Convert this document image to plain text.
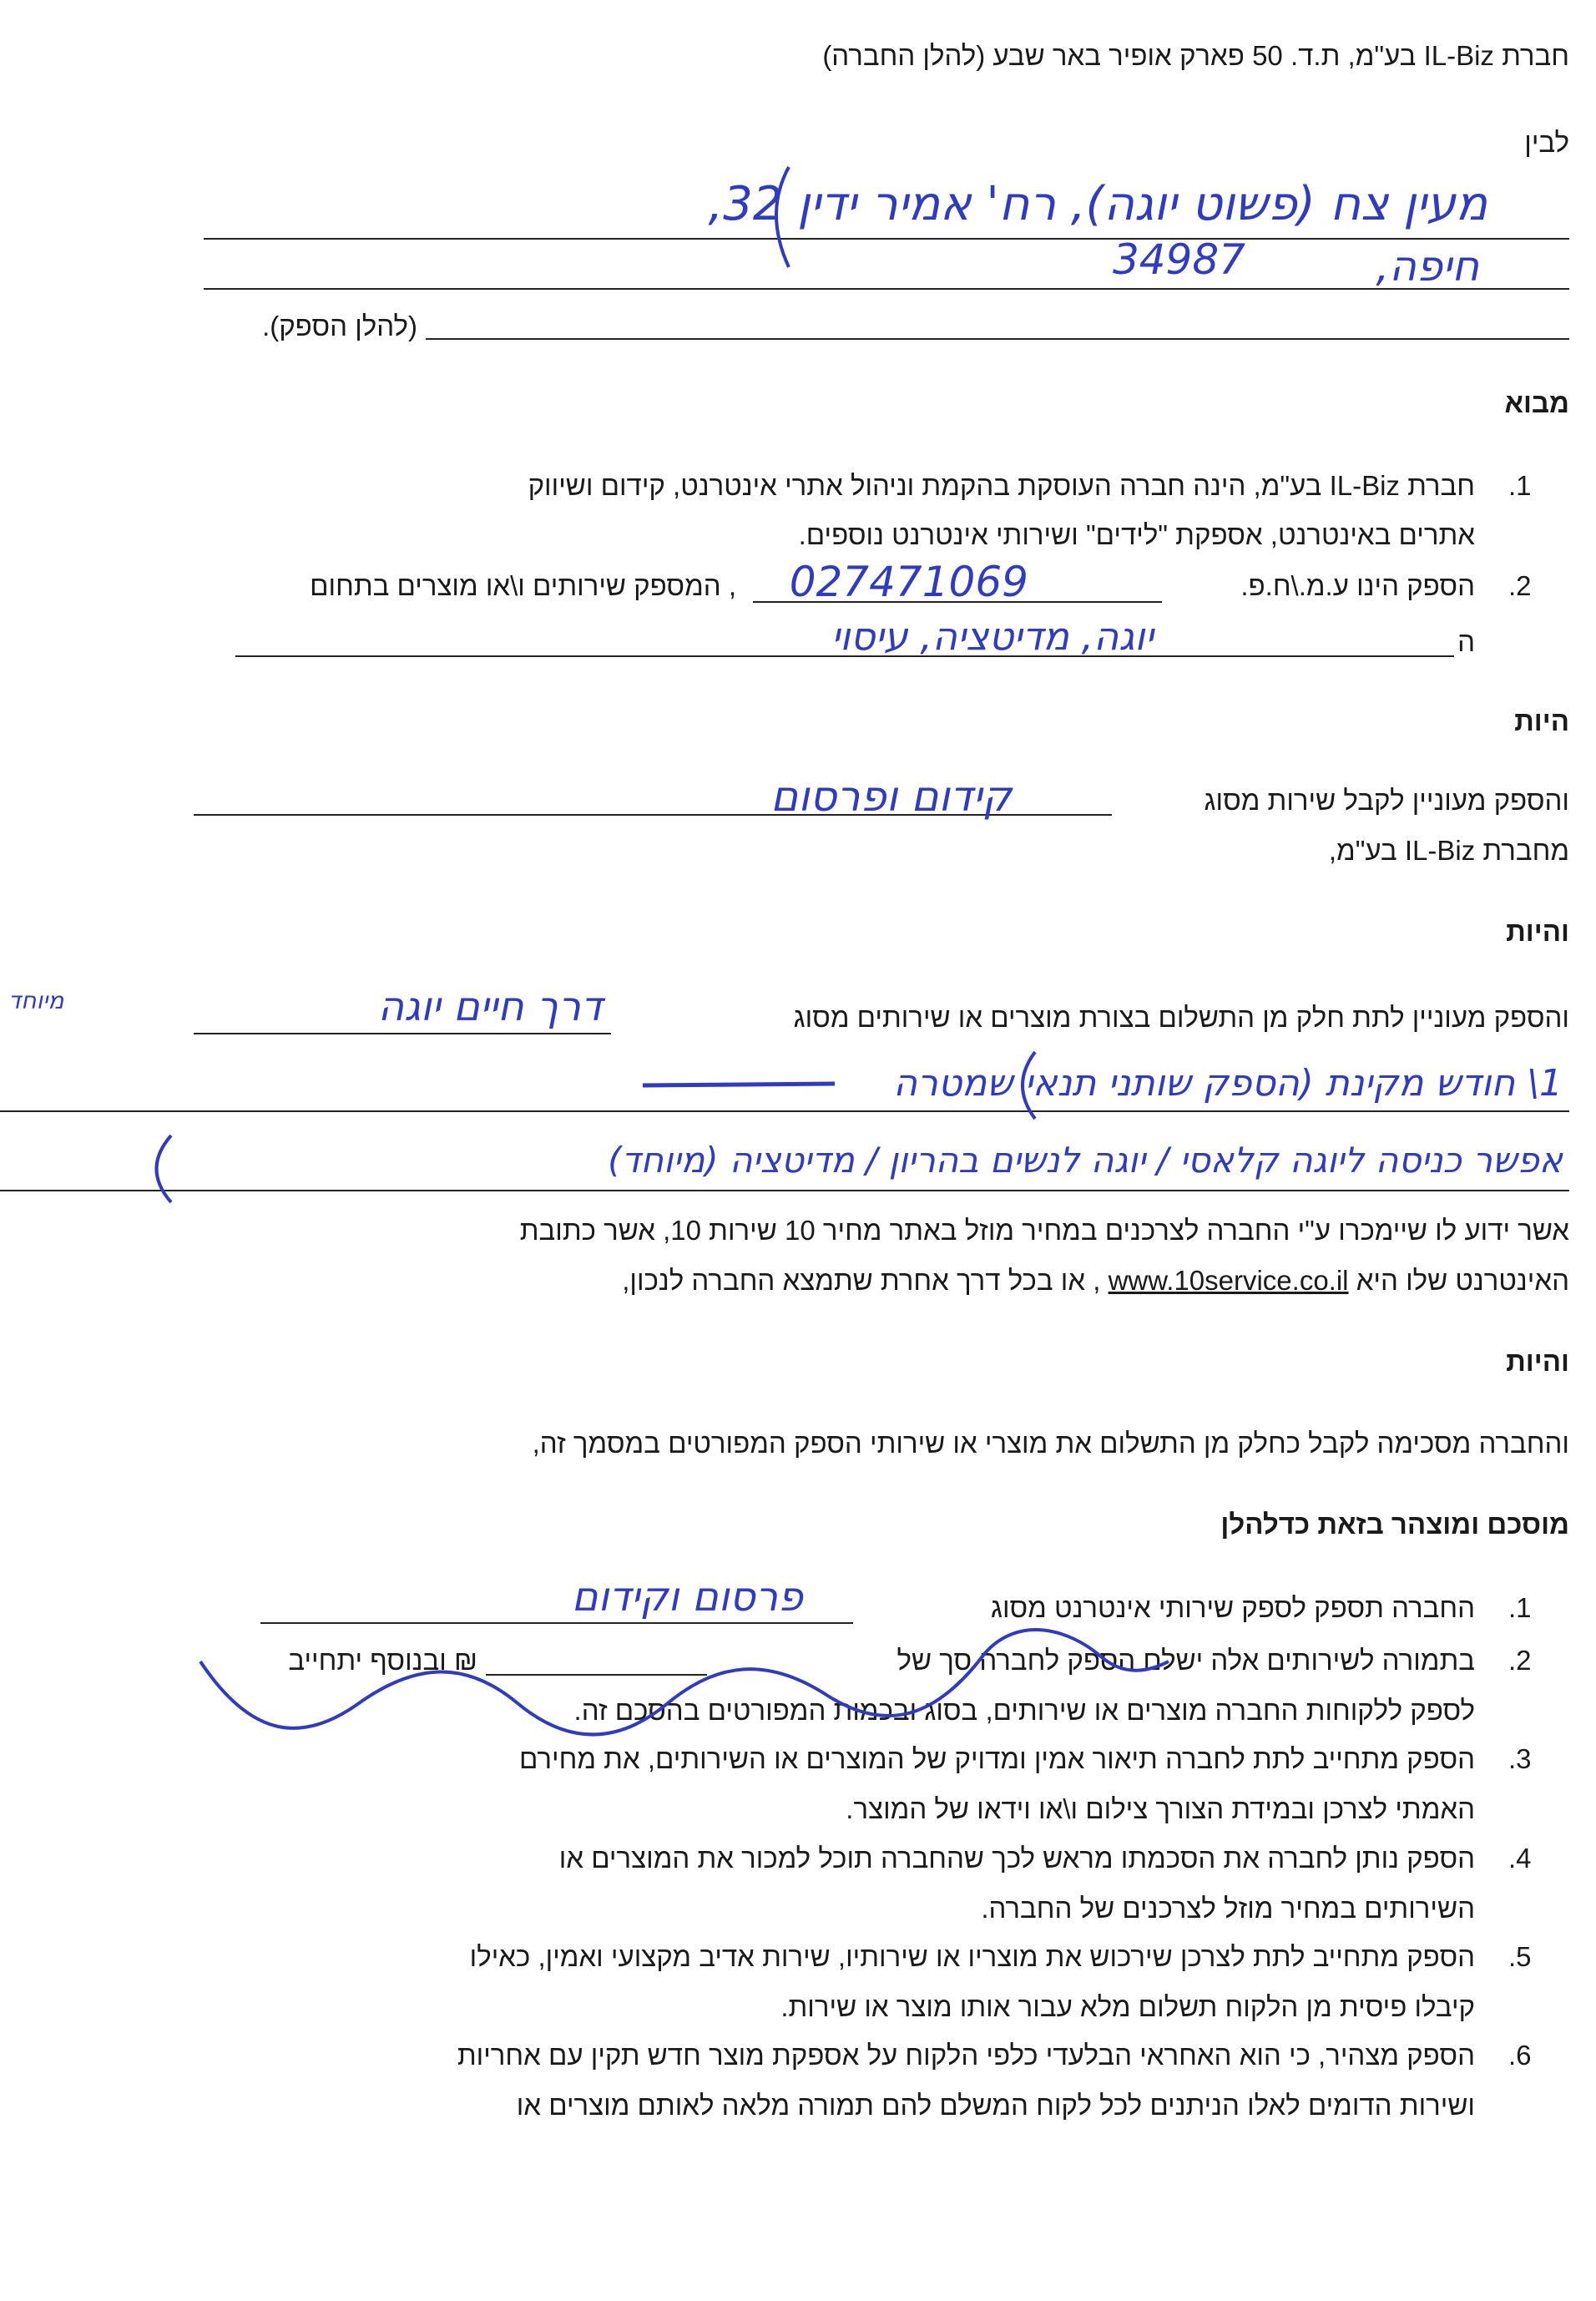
חברת IL-Biz בע"מ, ת.ד. 50 פארק אופיר באר שבע (להלן החברה)

לבין

(להלן הספק).

מעין צח (פשוט יוגה), רח' אמיר ידין 32,
חיפה,
34987

מבוא

1.

חברת IL-Biz בע"מ, הינה חברה העוסקת בהקמת וניהול אתרי אינטרנט, קידום ושיווק

אתרים באינטרנט, אספקת "לידים" ושירותי אינטרנט נוספים.

2.

הספק הינו ע.מ.\ח.פ.

027471069

, המספק שירותים ו\או מוצרים בתחום

ה

יוגה, מדיטציה, עיסוי

היות

והספק מעוניין לקבל שירות מסוג

קידום ופרסום

מחברת IL-Biz בע"מ,

והיות

והספק מעוניין לתת חלק מן התשלום בצורת מוצרים או שירותים מסוג

דרך חיים יוגה
1\ חודש מקינת (הספק שותני תנאי שמטרה
אפשר כניסה ליוגה קלאסי / יוגה לנשים בהריון / מדיטציה (מיוחד)
מיוחד

אשר ידוע לו שיימכרו ע"י החברה לצרכנים במחיר מוזל באתר מחיר 10 שירות 10, אשר כתובת

האינטרנט שלו היא www.10service.co.il , או בכל דרך אחרת שתמצא החברה לנכון,

והיות

והחברה מסכימה לקבל כחלק מן התשלום את מוצרי או שירותי הספק המפורטים במסמך זה,

מוסכם ומוצהר בזאת כדלהלן

1.

החברה תספק לספק שירותי אינטרנט מסוג

פרסום וקידום
2.

בתמורה לשירותים אלה ישלם הספק לחברה סך של

₪ ובנוסף יתחייב

לספק ללקוחות החברה מוצרים או שירותים, בסוג ובכמות המפורטים בהסכם זה.

3.

הספק מתחייב לתת לחברה תיאור אמין ומדויק של המוצרים או השירותים, את מחירם

האמתי לצרכן ובמידת הצורך צילום ו\או וידאו של המוצר.

4.

הספק נותן לחברה את הסכמתו מראש לכך שהחברה תוכל למכור את המוצרים או

השירותים במחיר מוזל לצרכנים של החברה.

5.

הספק מתחייב לתת לצרכן שירכוש את מוצריו או שירותיו, שירות אדיב מקצועי ואמין, כאילו

קיבלו פיסית מן הלקוח תשלום מלא עבור אותו מוצר או שירות.

6.

הספק מצהיר, כי הוא האחראי הבלעדי כלפי הלקוח על אספקת מוצר חדש תקין עם אחריות

ושירות הדומים לאלו הניתנים לכל לקוח המשלם להם תמורה מלאה לאותם מוצרים או
